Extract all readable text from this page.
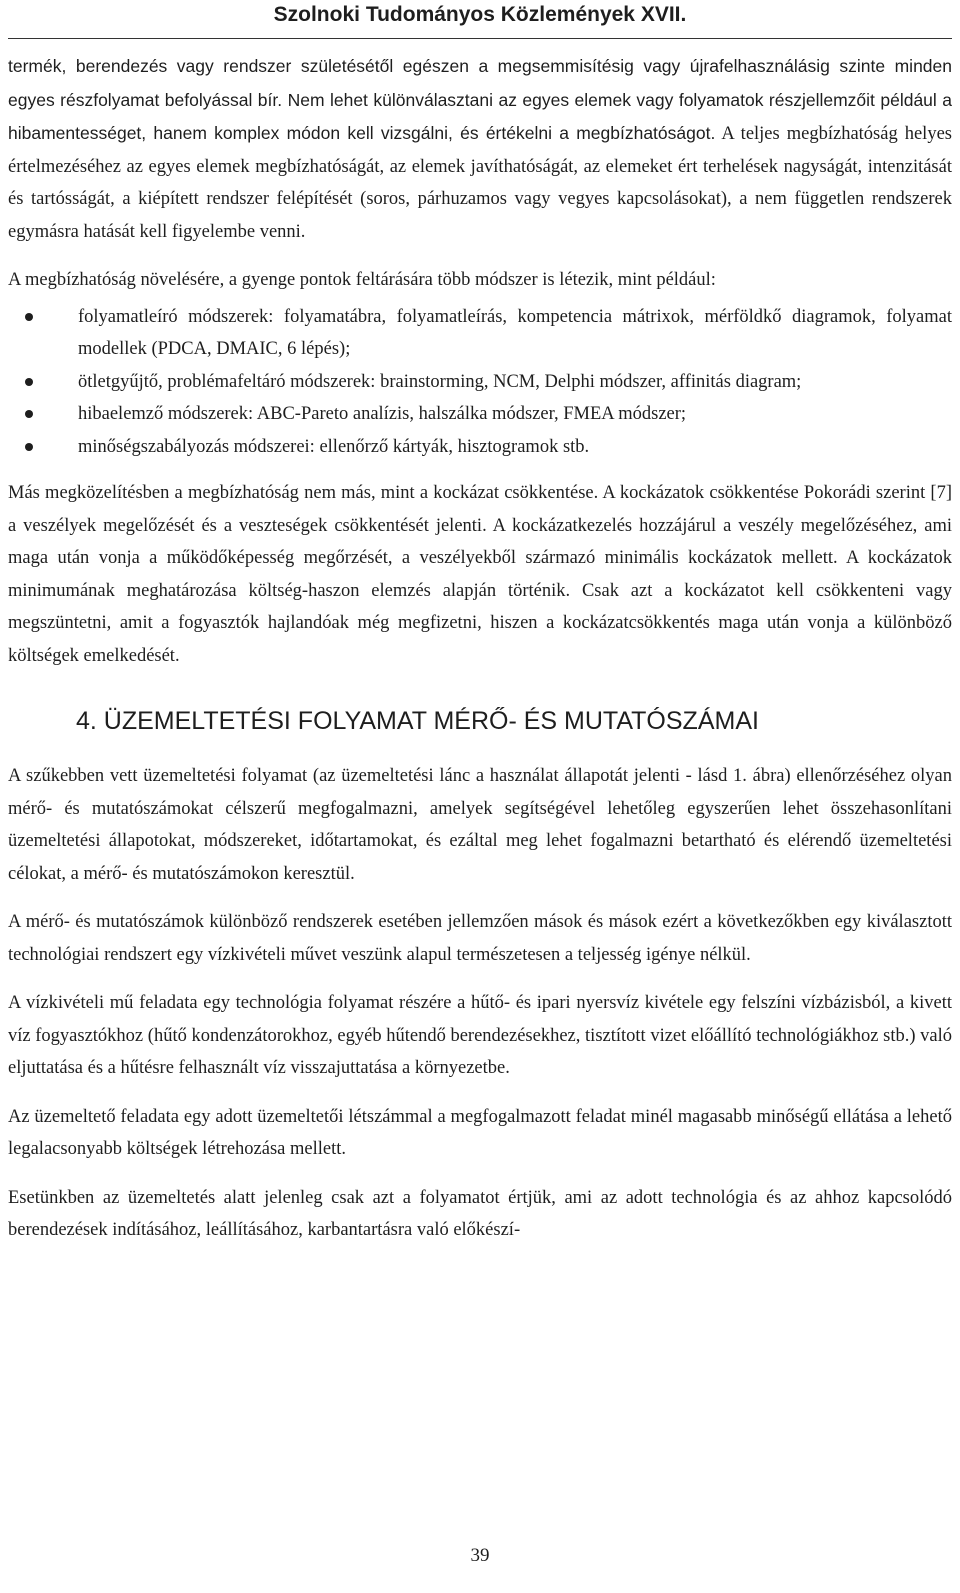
Szolnoki Tudományos Közlemények XVII.

termék, berendezés vagy rendszer születésétől egészen a megsemmisítésig vagy újrafelhasználásig szinte minden egyes részfolyamat befolyással bír. Nem lehet különválasztani az egyes elemek vagy folyamatok részjellemzőit például a hibamentességet, hanem komplex módon kell vizsgálni, és értékelni a megbízhatóságot. A teljes megbízhatóság helyes értelmezéséhez az egyes elemek megbízhatóságát, az elemek javíthatóságát, az elemeket ért terhelések nagyságát, intenzitását és tartósságát, a kiépített rendszer felépítését (soros, párhuzamos vagy vegyes kapcsolásokat), a nem független rendszerek egymásra hatását kell figyelembe venni.

A megbízhatóság növelésére, a gyenge pontok feltárására több módszer is létezik, mint például:

folyamatleíró módszerek: folyamatábra, folyamatleírás, kompetencia mátrixok, mérföldkő diagramok, folyamat modellek (PDCA, DMAIC, 6 lépés);
ötletgyűjtő, problémafeltáró módszerek: brainstorming, NCM, Delphi módszer, affinitás diagram;
hibaelemző módszerek: ABC-Pareto analízis, halszálka módszer, FMEA módszer;
minőségszabályozás módszerei: ellenőrző kártyák, hisztogramok stb.

Más megközelítésben a megbízhatóság nem más, mint a kockázat csökkentése. A kockázatok csökkentése Pokorádi szerint [7] a veszélyek megelőzését és a veszteségek csökkentését jelenti. A kockázatkezelés hozzájárul a veszély megelőzéséhez, ami maga után vonja a működőképesség megőrzését, a veszélyekből származó minimális kockázatok mellett. A kockázatok minimumának meghatározása költség-haszon elemzés alapján történik. Csak azt a kockázatot kell csökkenteni vagy megszüntetni, amit a fogyasztók hajlandóak még megfizetni, hiszen a kockázatcsökkentés maga után vonja a különböző költségek emelkedését.

4. ÜZEMELTETÉSI FOLYAMAT MÉRŐ- ÉS MUTATÓSZÁMAI

A szűkebben vett üzemeltetési folyamat (az üzemeltetési lánc a használat állapotát jelenti - lásd 1. ábra) ellenőrzéséhez olyan mérő- és mutatószámokat célszerű megfogalmazni, amelyek segítségével lehetőleg egyszerűen lehet összehasonlítani üzemeltetési állapotokat, módszereket, időtartamokat, és ezáltal meg lehet fogalmazni betartható és elérendő üzemeltetési célokat, a mérő- és mutatószámokon keresztül.

A mérő- és mutatószámok különböző rendszerek esetében jellemzően mások és mások ezért a következőkben egy kiválasztott technológiai rendszert egy vízkivételi művet veszünk alapul természetesen a teljesség igénye nélkül.

A vízkivételi mű feladata egy technológia folyamat részére a hűtő- és ipari nyersvíz kivétele egy felszíni vízbázisból, a kivett víz fogyasztókhoz (hűtő kondenzátorokhoz, egyéb hűtendő berendezésekhez, tisztított vizet előállító technológiákhoz stb.) való eljuttatása és a hűtésre felhasznált víz visszajuttatása a környezetbe.

Az üzemeltető feladata egy adott üzemeltetői létszámmal a megfogalmazott feladat minél magasabb minőségű ellátása a lehető legalacsonyabb költségek létrehozása mellett.

Esetünkben az üzemeltetés alatt jelenleg csak azt a folyamatot értjük, ami az adott technológia és az ahhoz kapcsolódó berendezések indításához, leállításához, karbantartásra való előkészí-

39
